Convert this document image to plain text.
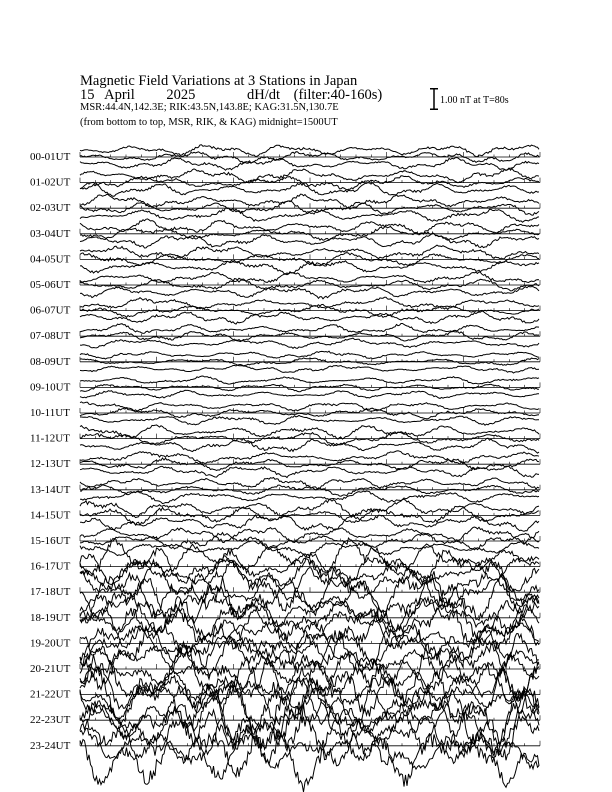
Magnetic Field Variations at 3 Stations in Japan
15 April 2025	dH/dt (filter:40-160s)
MSR:44.4N,142.3E; RIK:43.5N,143.8E; KAG:31.5N,130.7E
(from bottom to top, MSR, RIK, & KAG) midnight=1500UT
1.00 nT at T=80s
00-01UT
01-02UT
02-03UT
03-04UT
04-05UT
05-06UT
06-07UT
07-08UT
08-09UT
09-10UT
10-11UT
11-12UT
12-13UT
13-14UT
14-15UT
15-16UT
16-17UT
17-18UT
18-19UT
19-20UT
20-21UT
21-22UT
22-23UT
23-24UT
